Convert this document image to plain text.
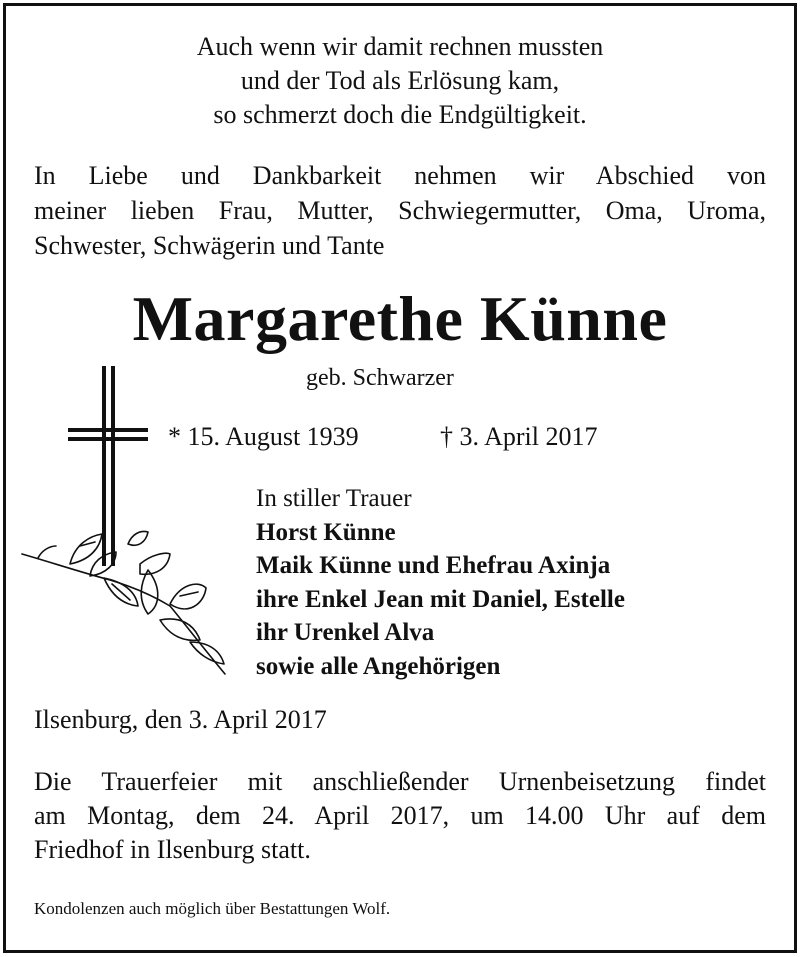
Auch wenn wir damit rechnen mussten
und der Tod als Erlösung kam,
so schmerzt doch die Endgültigkeit.
In Liebe und Dankbarkeit nehmen wir Abschied von
meiner lieben Frau, Mutter, Schwiegermutter, Oma, Uroma,
Schwester, Schwägerin und Tante
Margarethe Künne
geb. Schwarzer
* 15. August 1939	† 3. April 2017
In stiller Trauer
Horst Künne
Maik Künne und Ehefrau Axinja
ihre Enkel Jean mit Daniel, Estelle
ihr Urenkel Alva
sowie alle Angehörigen
Ilsenburg, den 3. April 2017
Die Trauerfeier mit anschließender Urnenbeisetzung findet
am Montag, dem 24. April 2017, um 14.00 Uhr auf dem
Friedhof in Ilsenburg statt.
Kondolenzen auch möglich über Bestattungen Wolf.
